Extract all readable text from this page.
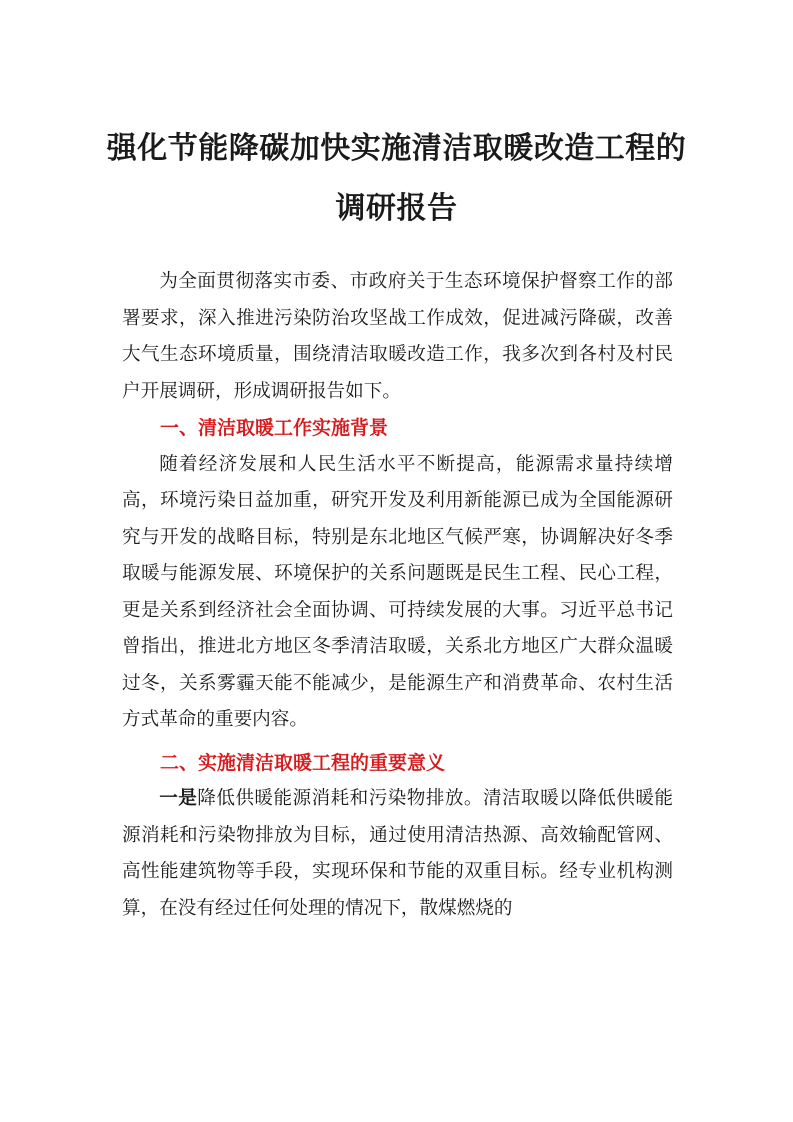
强化节能降碳加快实施清洁取暖改造工程的
调研报告

为全面贯彻落实市委、市政府关于生态环境保护督察工作的部署要求，深入推进污染防治攻坚战工作成效，促进减污降碳，改善大气生态环境质量，围绕清洁取暖改造工作，我多次到各村及村民户开展调研，形成调研报告如下。

一、清洁取暖工作实施背景

随着经济发展和人民生活水平不断提高，能源需求量持续增高，环境污染日益加重，研究开发及利用新能源已成为全国能源研究与开发的战略目标，特别是东北地区气候严寒，协调解决好冬季取暖与能源发展、环境保护的关系问题既是民生工程、民心工程，更是关系到经济社会全面协调、可持续发展的大事。习近平总书记曾指出，推进北方地区冬季清洁取暖，关系北方地区广大群众温暖过冬，关系雾霾天能不能减少，是能源生产和消费革命、农村生活方式革命的重要内容。

二、实施清洁取暖工程的重要意义

一是降低供暖能源消耗和污染物排放。清洁取暖以降低供暖能源消耗和污染物排放为目标，通过使用清洁热源、高效输配管网、高性能建筑物等手段，实现环保和节能的双重目标。经专业机构测算，在没有经过任何处理的情况下，散煤燃烧的
